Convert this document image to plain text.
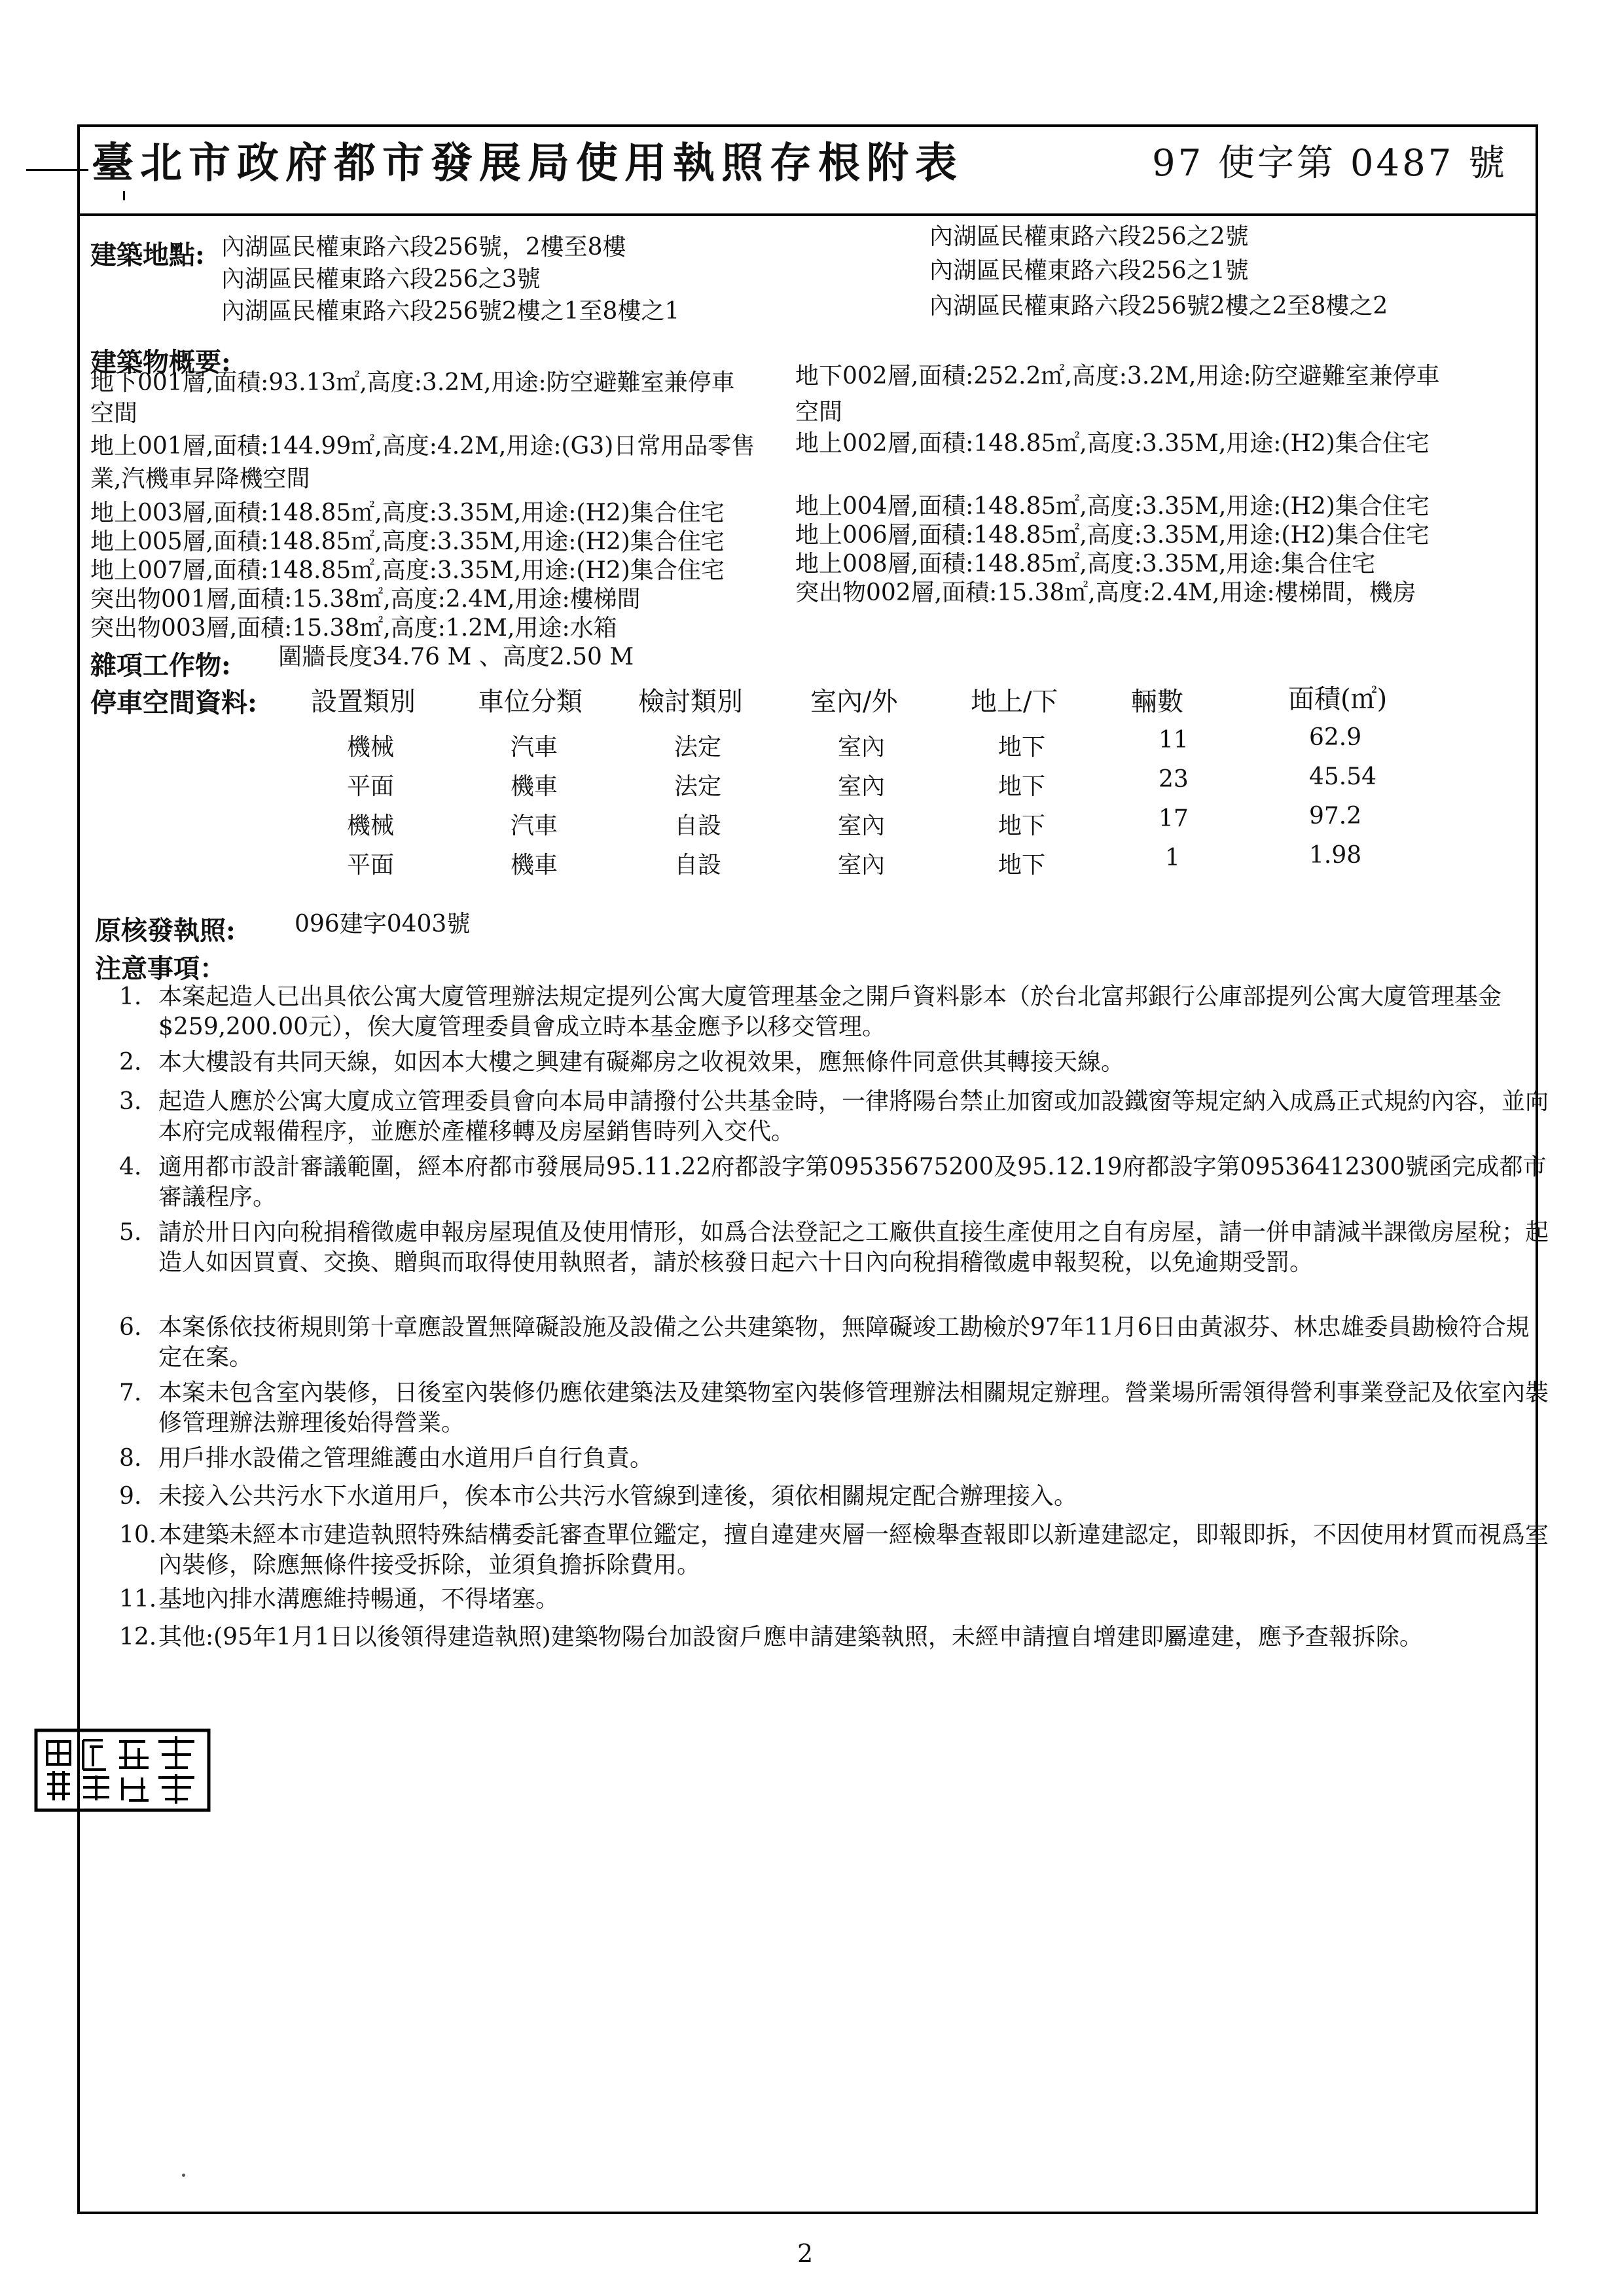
臺北市政府都市發展局使用執照存根附表	97 使字第 0487 號
建築地點: 內湖區民權東路六段256號，2樓至8樓
內湖區民權東路六段256之3號
內湖區民權東路六段256號2樓之1至8樓之1
內湖區民權東路六段256之2號
內湖區民權東路六段256之1號
內湖區民權東路六段256號2樓之2至8樓之2
建築物概要:
地下001層,面積:93.13㎡,高度:3.2M,用途:防空避難室兼停車
空間
地上001層,面積:144.99㎡,高度:4.2M,用途:(G3)日常用品零售
業,汽機車昇降機空間
地上003層,面積:148.85㎡,高度:3.35M,用途:(H2)集合住宅
地上005層,面積:148.85㎡,高度:3.35M,用途:(H2)集合住宅
地上007層,面積:148.85㎡,高度:3.35M,用途:(H2)集合住宅
突出物001層,面積:15.38㎡,高度:2.4M,用途:樓梯間
突出物003層,面積:15.38㎡,高度:1.2M,用途:水箱
地下002層,面積:252.2㎡,高度:3.2M,用途:防空避難室兼停車
空間
地上002層,面積:148.85㎡,高度:3.35M,用途:(H2)集合住宅
地上004層,面積:148.85㎡,高度:3.35M,用途:(H2)集合住宅
地上006層,面積:148.85㎡,高度:3.35M,用途:(H2)集合住宅
地上008層,面積:148.85㎡,高度:3.35M,用途:集合住宅
突出物002層,面積:15.38㎡,高度:2.4M,用途:樓梯間，機房
雜項工作物: 圍牆長度34.76 M 、高度2.50 M
停車空間資料: 設置類別 車位分類 檢討類別	室內/外	地上/下	輛數	面積(㎡)
機械	汽車	法定	室內	地下	11	62.9
平面	機車	法定	室內	地下	23	45.54
機械	汽車	自設	室內	地下	17	97.2
平面	機車	自設	室內	地下	1	1.98
原核發執照:	096建字0403號
注意事項：
1. 本案起造人已出具依公寓大廈管理辦法規定提列公寓大廈管理基金之開戶資料影本（於台北富邦銀行公庫部提列公寓大廈管理基金$259,200.00元），俟大廈管理委員會成立時本基金應予以移交管理。
2. 本大樓設有共同天線，如因本大樓之興建有礙鄰房之收視效果，應無條件同意供其轉接天線。
3. 起造人應於公寓大廈成立管理委員會向本局申請撥付公共基金時，一律將陽台禁止加窗或加設鐵窗等規定納入成爲正式規約內容，並向本府完成報備程序，並應於產權移轉及房屋銷售時列入交代。
4. 適用都市設計審議範圍，經本府都市發展局95.11.22府都設字第09535675200及95.12.19府都設字第09536412300號函完成都市審議程序。
5. 請於卅日內向稅捐稽徵處申報房屋現值及使用情形，如爲合法登記之工廠供直接生產使用之自有房屋，請一併申請減半課徵房屋稅；起造人如因買賣、交換、贈與而取得使用執照者，請於核發日起六十日內向稅捐稽徵處申報契稅，以免逾期受罰。
6. 本案係依技術規則第十章應設置無障礙設施及設備之公共建築物，無障礙竣工勘檢於97年11月6日由黃淑芬、林忠雄委員勘檢符合規定在案。
7. 本案未包含室內裝修，日後室內裝修仍應依建築法及建築物室內裝修管理辦法相關規定辦理。營業場所需領得營利事業登記及依室內裝修管理辦法辦理後始得營業。
8. 用戶排水設備之管理維護由水道用戶自行負責。
9. 未接入公共污水下水道用戶，俟本市公共污水管線到達後，須依相關規定配合辦理接入。
10. 本建築未經本市建造執照特殊結構委託審查單位鑑定，擅自違建夾層一經檢舉查報即以新違建認定，即報即拆，不因使用材質而視爲室內裝修，除應無條件接受拆除，並須負擔拆除費用。
11. 基地內排水溝應維持暢通，不得堵塞。
12. 其他:(95年1月1日以後領得建造執照)建築物陽台加設窗戶應申請建築執照，未經申請擅自增建即屬違建，應予查報拆除。
2
